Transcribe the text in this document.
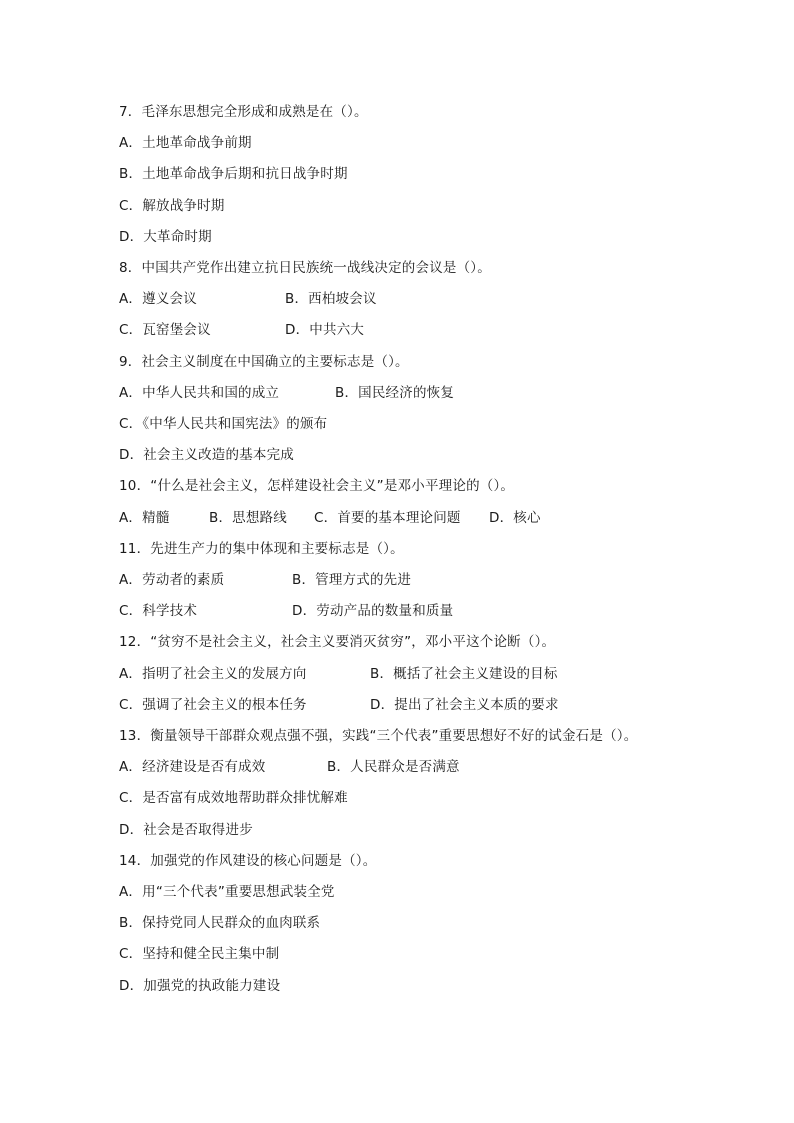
7．毛泽东思想完全形成和成熟是在（）。
A．土地革命战争前期
B．土地革命战争后期和抗日战争时期
C．解放战争时期
D．大革命时期
8．中国共产党作出建立抗日民族统一战线决定的会议是（）。
A．遵义会议	B．西柏坡会议
C．瓦窑堡会议	D．中共六大
9．社会主义制度在中国确立的主要标志是（）。
A．中华人民共和国的成立	B．国民经济的恢复
C．《中华人民共和国宪法》的颁布
D．社会主义改造的基本完成
10．“什么是社会主义，怎样建设社会主义”是邓小平理论的（）。
A．精髓	B．思想路线 C．首要的基本理论问题 D．核心
11．先进生产力的集中体现和主要标志是（）。
A．劳动者的素质	B．管理方式的先进
C．科学技术	D．劳动产品的数量和质量
12．“贫穷不是社会主义，社会主义要消灭贫穷”，邓小平这个论断（）。
A．指明了社会主义的发展方向	B．概括了社会主义建设的目标
C．强调了社会主义的根本任务	D．提出了社会主义本质的要求
13．衡量领导干部群众观点强不强，实践“三个代表”重要思想好不好的试金石是（）。
A．经济建设是否有成效	B．人民群众是否满意
C．是否富有成效地帮助群众排忧解难
D．社会是否取得进步
14．加强党的作风建设的核心问题是（）。
A．用“三个代表”重要思想武装全党
B．保持党同人民群众的血肉联系
C．坚持和健全民主集中制
D．加强党的执政能力建设
